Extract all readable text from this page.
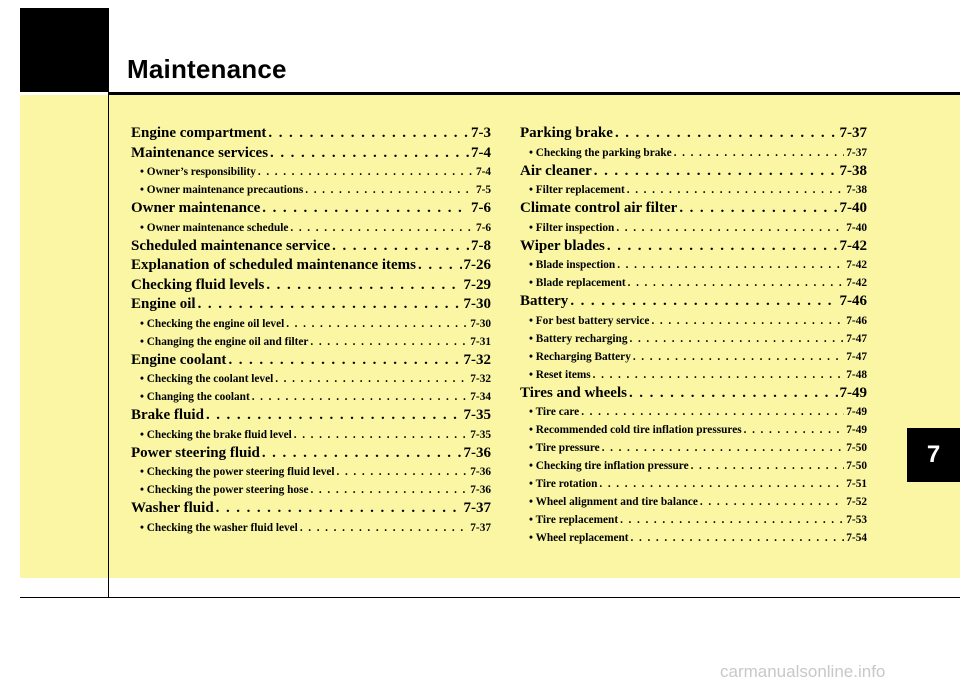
Maintenance
7
Engine compartment . . .	7-3
Maintenance services . . .	7-4
• Owner’s responsibility . . .	7-4
• Owner maintenance precautions . . .	7-5
Owner maintenance . . .	7-6
• Owner maintenance schedule . . .	7-6
Scheduled maintenance service . . .	7-8
Explanation of scheduled maintenance items . . .	7-26
Checking fluid levels . . .	7-29
Engine oil . . .	7-30
• Checking the engine oil level . . .	7-30
• Changing the engine oil and filter . . .	7-31
Engine coolant . . .	7-32
• Checking the coolant level . . .	7-32
• Changing the coolant . . .	7-34
Brake fluid . . .	7-35
• Checking the brake fluid level . . .	7-35
Power steering fluid . . .	7-36
• Checking the power steering fluid level . . .	7-36
• Checking the power steering hose . . .	7-36
Washer fluid . . .	7-37
• Checking the washer fluid level . . .	7-37
Parking brake . . .	7-37
• Checking the parking brake . . .	7-37
Air cleaner . . .	7-38
• Filter replacement . . .	7-38
Climate control air filter . . .	7-40
• Filter inspection . . .	7-40
Wiper blades . . .	7-42
• Blade inspection . . .	7-42
• Blade replacement . . .	7-42
Battery . . .	7-46
• For best battery service . . .	7-46
• Battery recharging . . .	7-47
• Recharging Battery . . .	7-47
• Reset items . . .	7-48
Tires and wheels . . .	7-49
• Tire care . . .	7-49
• Recommended cold tire inflation pressures . . .	7-49
• Tire pressure . . .	7-50
• Checking tire inflation pressure . . .	7-50
• Tire rotation . . .	7-51
• Wheel alignment and tire balance . . .	7-52
• Tire replacement . . .	7-53
• Wheel replacement . . .	7-54
carmanualsonline.info
